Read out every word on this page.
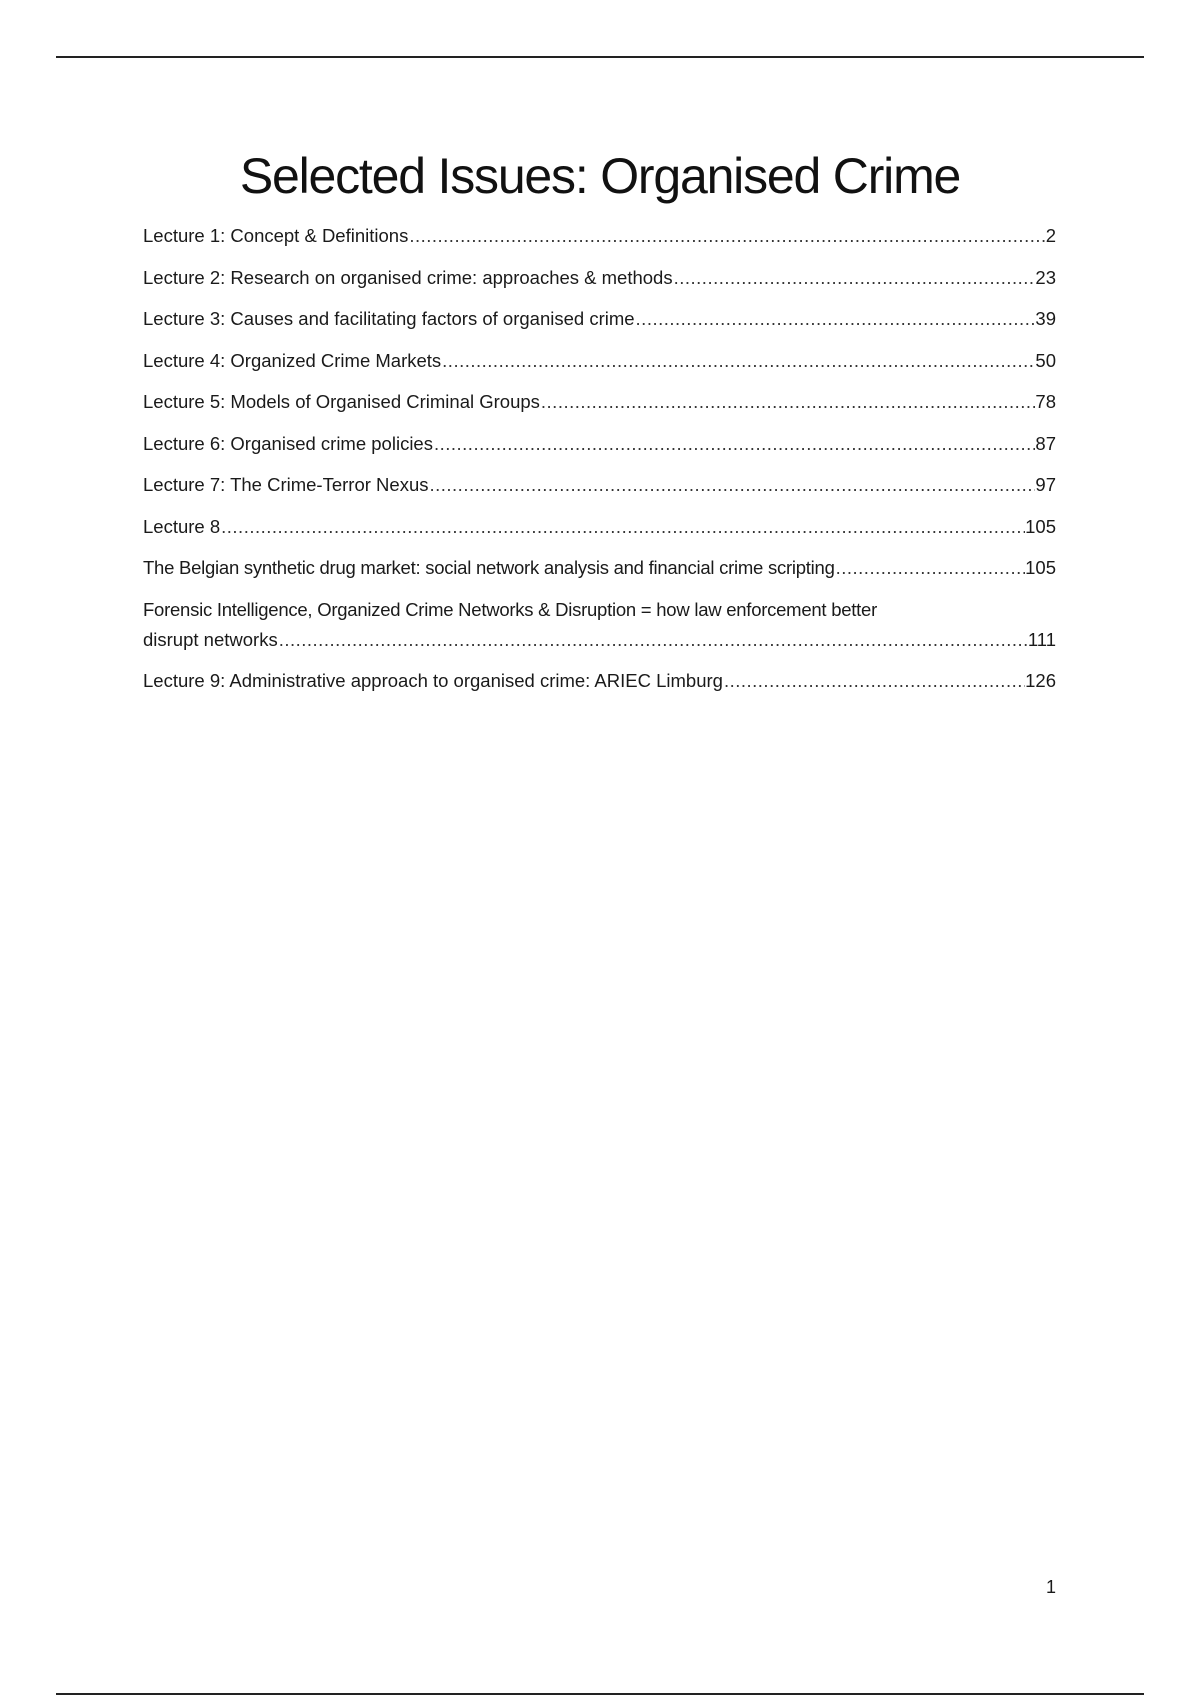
Selected Issues: Organised Crime
Lecture 1: Concept & Definitions .....	2
Lecture 2: Research on organised crime: approaches & methods .....	23
Lecture 3: Causes and facilitating factors of organised crime .....	39
Lecture 4: Organized Crime Markets .....	50
Lecture 5: Models of Organised Criminal Groups .....	78
Lecture 6: Organised crime policies .....	87
Lecture 7: The Crime-Terror Nexus .....	97
Lecture 8 .....	105
The Belgian synthetic drug market: social network analysis and financial crime scripting .....	105
Forensic Intelligence, Organized Crime Networks & Disruption = how law enforcement better
disrupt networks .....	111
Lecture 9: Administrative approach to organised crime: ARIEC Limburg .....	126
1
